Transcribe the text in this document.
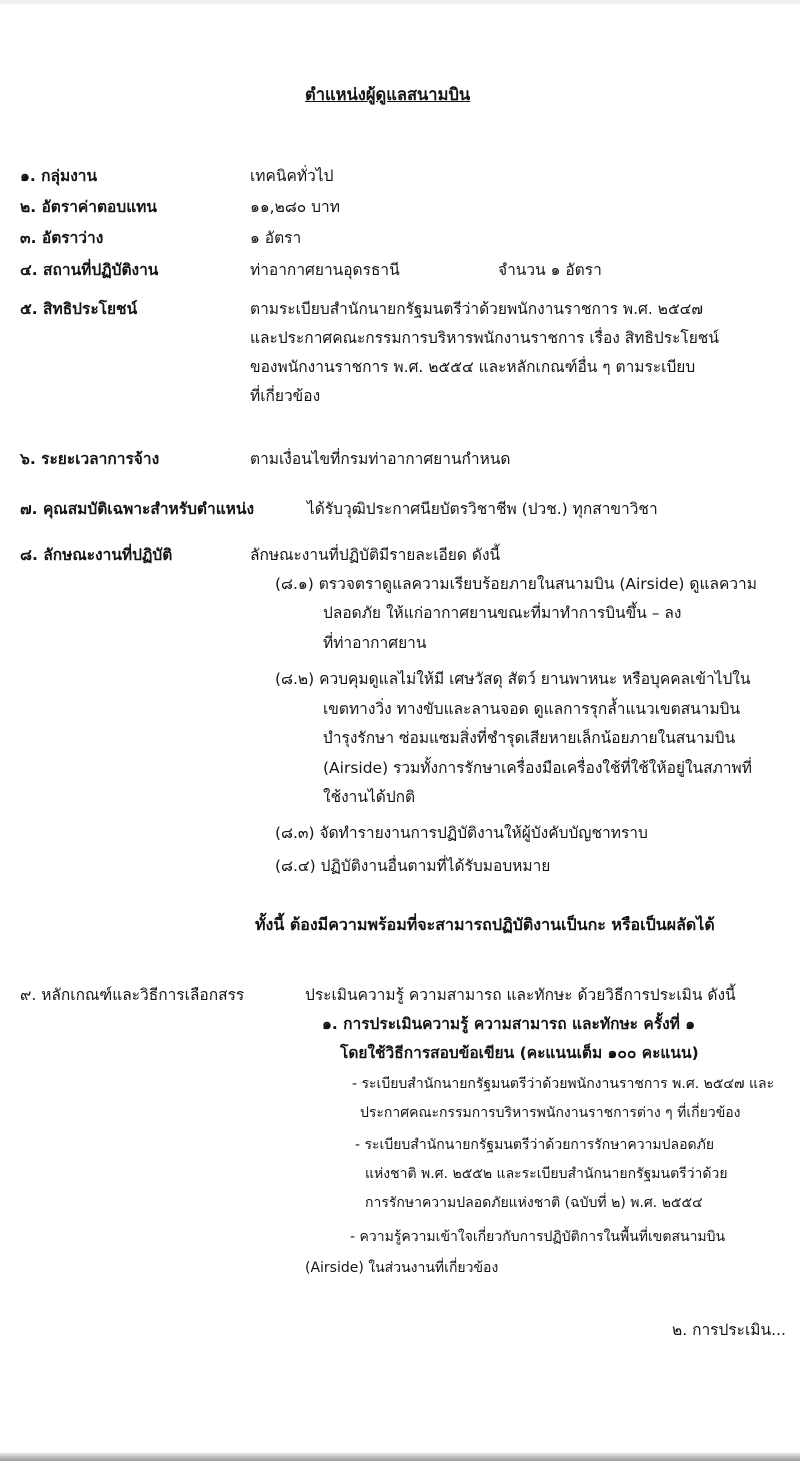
ตำแหน่งผู้ดูแลสนามบิน
๑. กลุ่มงาน	เทคนิคทั่วไป
๒. อัตราค่าตอบแทน	๑๑,๒๘๐ บาท
๓. อัตราว่าง	๑ อัตรา
๔. สถานที่ปฏิบัติงาน	ท่าอากาศยานอุดรธานี	จำนวน ๑ อัตรา
๕. สิทธิประโยชน์	ตามระเบียบสำนักนายกรัฐมนตรีว่าด้วยพนักงานราชการ พ.ศ. ๒๕๔๗
และประกาศคณะกรรมการบริหารพนักงานราชการ เรื่อง สิทธิประโยชน์
ของพนักงานราชการ พ.ศ. ๒๕๕๔ และหลักเกณฑ์อื่น ๆ ตามระเบียบ
ที่เกี่ยวข้อง
๖. ระยะเวลาการจ้าง	ตามเงื่อนไขที่กรมท่าอากาศยานกำหนด
๗. คุณสมบัติเฉพาะสำหรับตำแหน่ง	ได้รับวุฒิประกาศนียบัตรวิชาชีพ (ปวช.) ทุกสาขาวิชา
๘. ลักษณะงานที่ปฏิบัติ	ลักษณะงานที่ปฏิบัติมีรายละเอียด ดังนี้
(๘.๑) ตรวจตราดูแลความเรียบร้อยภายในสนามบิน (Airside) ดูแลความ
ปลอดภัย ให้แก่อากาศยานขณะที่มาทำการบินขึ้น – ลง
ที่ท่าอากาศยาน
(๘.๒) ควบคุมดูแลไม่ให้มี เศษวัสดุ สัตว์ ยานพาหนะ หรือบุคคลเข้าไปใน
เขตทางวิ่ง ทางขับและลานจอด ดูแลการรุกล้ำแนวเขตสนามบิน
บำรุงรักษา ซ่อมแซมสิ่งที่ชำรุดเสียหายเล็กน้อยภายในสนามบิน
(Airside) รวมทั้งการรักษาเครื่องมือเครื่องใช้ที่ใช้ให้อยู่ในสภาพที่
ใช้งานได้ปกติ
(๘.๓) จัดทำรายงานการปฏิบัติงานให้ผู้บังคับบัญชาทราบ
(๘.๔) ปฏิบัติงานอื่นตามที่ได้รับมอบหมาย
ทั้งนี้ ต้องมีความพร้อมที่จะสามารถปฏิบัติงานเป็นกะ หรือเป็นผลัดได้
๙. หลักเกณฑ์และวิธีการเลือกสรร	ประเมินความรู้ ความสามารถ และทักษะ ด้วยวิธีการประเมิน ดังนี้
๑. การประเมินความรู้ ความสามารถ และทักษะ ครั้งที่ ๑
โดยใช้วิธีการสอบข้อเขียน (คะแนนเต็ม ๑๐๐ คะแนน)
- ระเบียบสำนักนายกรัฐมนตรีว่าด้วยพนักงานราชการ พ.ศ. ๒๕๔๗ และ
ประกาศคณะกรรมการบริหารพนักงานราชการต่าง ๆ ที่เกี่ยวข้อง
- ระเบียบสำนักนายกรัฐมนตรีว่าด้วยการรักษาความปลอดภัย
แห่งชาติ พ.ศ. ๒๕๕๒ และระเบียบสำนักนายกรัฐมนตรีว่าด้วย
การรักษาความปลอดภัยแห่งชาติ (ฉบับที่ ๒) พ.ศ. ๒๕๕๔
- ความรู้ความเข้าใจเกี่ยวกับการปฏิบัติการในพื้นที่เขตสนามบิน
(Airside) ในส่วนงานที่เกี่ยวข้อง
๒. การประเมิน...
